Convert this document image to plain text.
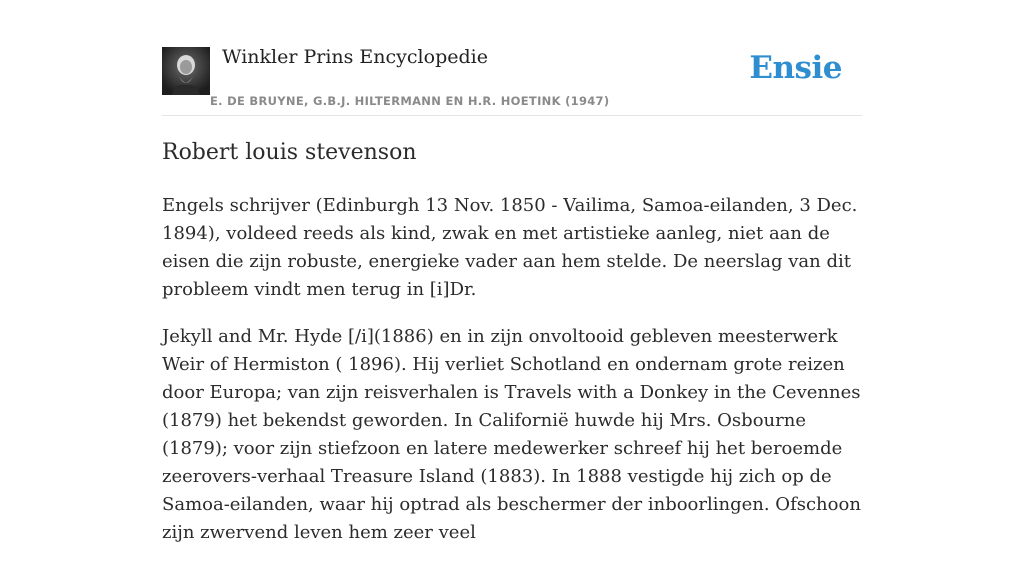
Winkler Prins Encyclopedie
E. DE BRUYNE, G.B.J. HILTERMANN EN H.R. HOETINK (1947)
Ensie
Robert louis stevenson

Engels schrijver (Edinburgh 13 Nov. 1850 - Vailima, Samoa-eilanden, 3 Dec. 1894), voldeed reeds als kind, zwak en met artistieke aanleg, niet aan de eisen die zijn robuste, energieke vader aan hem stelde. De neerslag van dit probleem vindt men terug in [i]Dr.

Jekyll and Mr. Hyde [/i](1886) en in zijn onvoltooid gebleven meesterwerk Weir of Hermiston ( 1896). Hij verliet Schotland en ondernam grote reizen door Europa; van zijn reisverhalen is Travels with a Donkey in the Cevennes (1879) het bekendst geworden. In Californië huwde hij Mrs. Osbourne (1879); voor zijn stiefzoon en latere medewerker schreef hij het beroemde zeerovers-verhaal Treasure Island (1883). In 1888 vestigde hij zich op de Samoa-eilanden, waar hij optrad als beschermer der inboorlingen. Ofschoon zijn zwervend leven hem zeer veel
